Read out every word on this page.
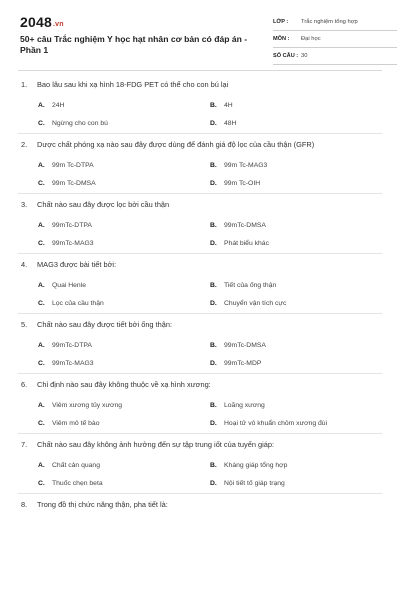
2048.vn
50+ câu Trắc nghiệm Y học hạt nhân cơ bản có đáp án - Phần 1
LỚP :	Trắc nghiệm tổng hợp
MÔN :	Đại học
SỐ CÂU : 30
1.	Bao lâu sau khi xạ hình 18-FDG PET có thể cho con bú lại
A.	24H	B.	4H
C.	Ngừng cho con bú	D.	48H
2.	Dược chất phóng xạ nào sau đây được dùng để đánh giá độ lọc của cầu thận (GFR)
A.	99m Tc-DTPA	B.	99m Tc-MAG3
C.	99m Tc-DMSA	D.	99m Tc-OIH
3.	Chất nào sau đây được lọc bởi cầu thận
A.	99mTc-DTPA	B.	99mTc-DMSA
C.	99mTc-MAG3	D.	Phát biểu khác
4.	MAG3 được bài tiết bởi:
A.	Quai Henle	B.	Tiết của ống thận
C.	Lọc của cầu thận	D.	Chuyển vận tích cực
5.	Chất nào sau đây được tiết bởi ống thận:
A.	99mTc-DTPA	B.	99mTc-DMSA
C.	99mTc-MAG3	D.	99mTc-MDP
6.	Chỉ định nào sau đây không thuộc về xạ hình xương:
A.	Viêm xương tủy xương	B.	Loãng xương
C.	Viêm mô tế bào	D.	Hoại tử vô khuẩn chỏm xương đùi
7.	Chất nào sau đây không ảnh hưởng đến sự tập trung iốt của tuyến giáp:
A.	Chất cản quang	B.	Kháng giáp tổng hợp
C.	Thuốc chẹn beta	D.	Nội tiết tố giáp trạng
8.	Trong đồ thị chức năng thận, pha tiết là:
